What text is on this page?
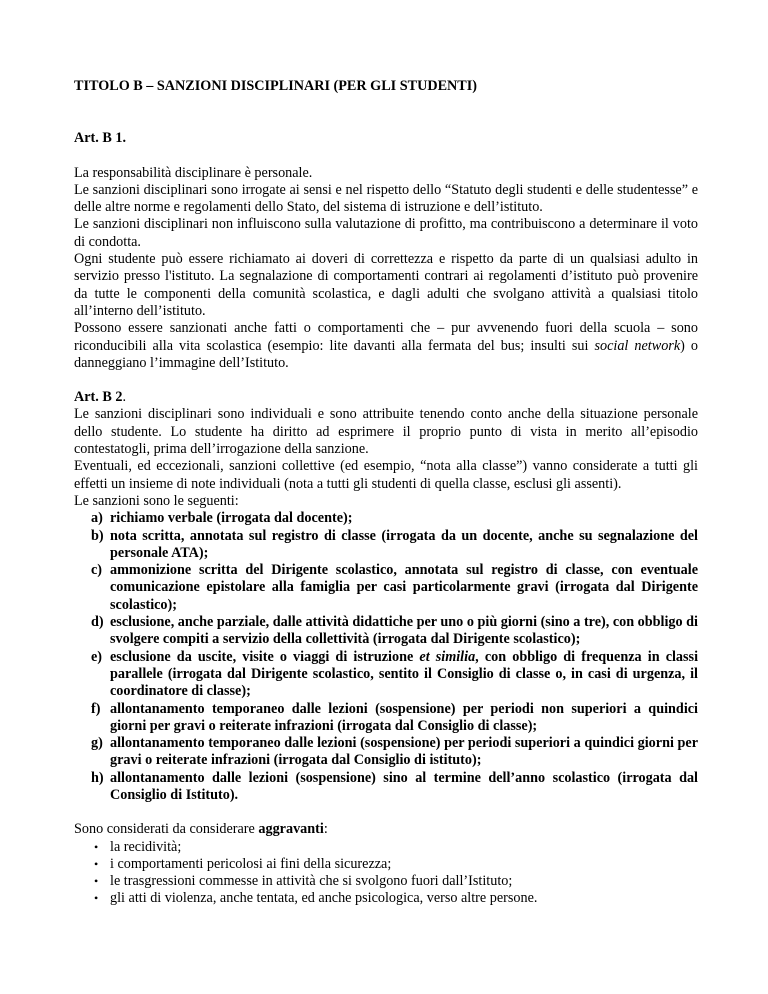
TITOLO B – SANZIONI DISCIPLINARI (PER GLI STUDENTI)

Art. B 1.

La responsabilità disciplinare è personale.

Le sanzioni disciplinari sono irrogate ai sensi e nel rispetto dello “Statuto degli studenti e delle studentesse” e delle altre norme e regolamenti dello Stato, del sistema di istruzione e dell’istituto.

Le sanzioni disciplinari non influiscono sulla valutazione di profitto, ma contribuiscono a determinare il voto di condotta.

Ogni studente può essere richiamato ai doveri di correttezza e rispetto da parte di un qualsiasi adulto in servizio presso l'istituto. La segnalazione di comportamenti contrari ai regolamenti d’istituto può provenire da tutte le componenti della comunità scolastica, e dagli adulti che svolgano attività a qualsiasi titolo all’interno dell’istituto.

Possono essere sanzionati anche fatti o comportamenti che – pur avvenendo fuori della scuola – sono riconducibili alla vita scolastica (esempio: lite davanti alla fermata del bus; insulti sui social network) o danneggiano l’immagine dell’Istituto.

Art. B 2.

Le sanzioni disciplinari sono individuali e sono attribuite tenendo conto anche della situazione personale dello studente. Lo studente ha diritto ad esprimere il proprio punto di vista in merito all’episodio contestatogli, prima dell’irrogazione della sanzione.

Eventuali, ed eccezionali, sanzioni collettive (ed esempio, “nota alla classe”) vanno considerate a tutti gli effetti un insieme di note individuali (nota a tutti gli studenti di quella classe, esclusi gli assenti).

Le sanzioni sono le seguenti:

a) richiamo verbale (irrogata dal docente);
b) nota scritta, annotata sul registro di classe (irrogata da un docente, anche su segnalazione del personale ATA);
c) ammonizione scritta del Dirigente scolastico, annotata sul registro di classe, con eventuale comunicazione epistolare alla famiglia per casi particolarmente gravi (irrogata dal Dirigente scolastico);
d) esclusione, anche parziale, dalle attività didattiche per uno o più giorni (sino a tre), con obbligo di svolgere compiti a servizio della collettività (irrogata dal Dirigente scolastico);
e) esclusione da uscite, visite o viaggi di istruzione et similia, con obbligo di frequenza in classi parallele (irrogata dal Dirigente scolastico, sentito il Consiglio di classe o, in casi di urgenza, il coordinatore di classe);
f) allontanamento temporaneo dalle lezioni (sospensione) per periodi non superiori a quindici giorni per gravi o reiterate infrazioni (irrogata dal Consiglio di classe);
g) allontanamento temporaneo dalle lezioni (sospensione) per periodi superiori a quindici giorni per gravi o reiterate infrazioni (irrogata dal Consiglio di istituto);
h) allontanamento dalle lezioni (sospensione) sino al termine dell’anno scolastico (irrogata dal Consiglio di Istituto).

Sono considerati da considerare aggravanti:

• la recidività;
• i comportamenti pericolosi ai fini della sicurezza;
• le trasgressioni commesse in attività che si svolgono fuori dall’Istituto;
• gli atti di violenza, anche tentata, ed anche psicologica, verso altre persone.
